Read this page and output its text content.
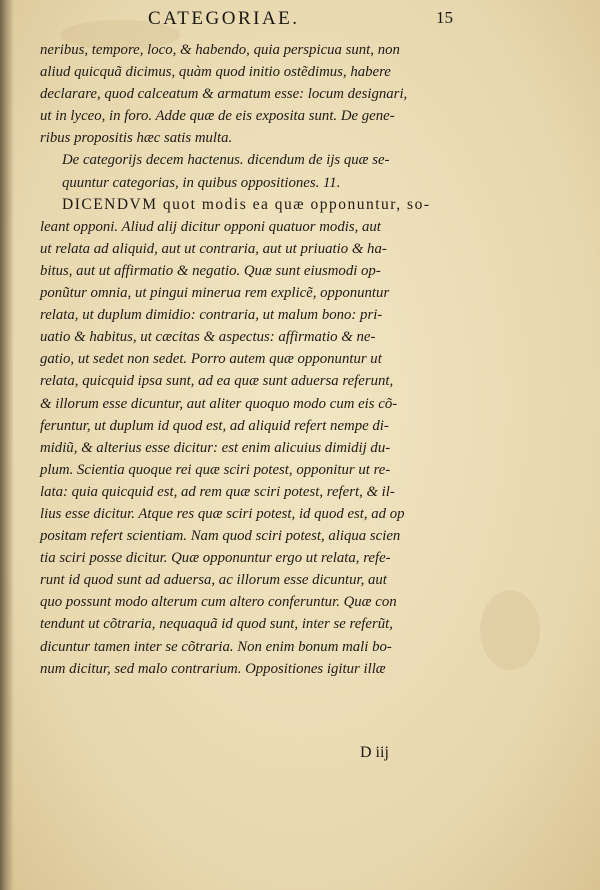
CATEGORIAE.	15
neribus, tempore, loco, & habendo, quia perspicua sunt, non
aliud quicquã dicimus, quàm quod initio ostẽdimus, habere
declarare, quod calceatum & armatum esse: locum designari,
ut in lyceo, in foro. Adde quæ de eis exposita sunt. De gene-
ribus propositis hæc satis multa.
De categorijs decem hactenus. dicendum de ijs quæ se-
quuntur categorias, in quibus oppositiones. 11.
DICENDVM quot modis ea quæ opponuntur, so-
leant opponi. Aliud alij dicitur opponi quatuor modis, aut
ut relata ad aliquid, aut ut contraria, aut ut priuatio & ha-
bitus, aut ut affirmatio & negatio. Quæ sunt eiusmodi op-
ponũtur omnia, ut pingui minerua rem explicẽ, opponuntur
relata, ut duplum dimidio: contraria, ut malum bono: pri-
uatio & habitus, ut cæcitas & aspectus: affirmatio & ne-
gatio, ut sedet non sedet. Porro autem quæ opponuntur ut
relata, quicquid ipsa sunt, ad ea quæ sunt aduersa referunt,
& illorum esse dicuntur, aut aliter quoquo modo cum eis cõ-
feruntur, ut duplum id quod est, ad aliquid refert nempe di-
midiũ, & alterius esse dicitur: est enim alicuius dimidij du-
plum. Scientia quoque rei quæ sciri potest, opponitur ut re-
lata: quia quicquid est, ad rem quæ sciri potest, refert, & il-
lius esse dicitur. Atque res quæ sciri potest, id quod est, ad op
positam refert scientiam. Nam quod sciri potest, aliqua scien
tia sciri posse dicitur. Quæ opponuntur ergo ut relata, refe-
runt id quod sunt ad aduersa, ac illorum esse dicuntur, aut
quo possunt modo alterum cum altero conferuntur. Quæ con
tendunt ut cõtraria, nequaquã id quod sunt, inter se referũt,
dicuntur tamen inter se cõtraria. Non enim bonum mali bo-
num dicitur, sed malo contrarium. Oppositiones igitur illæ
D iij
